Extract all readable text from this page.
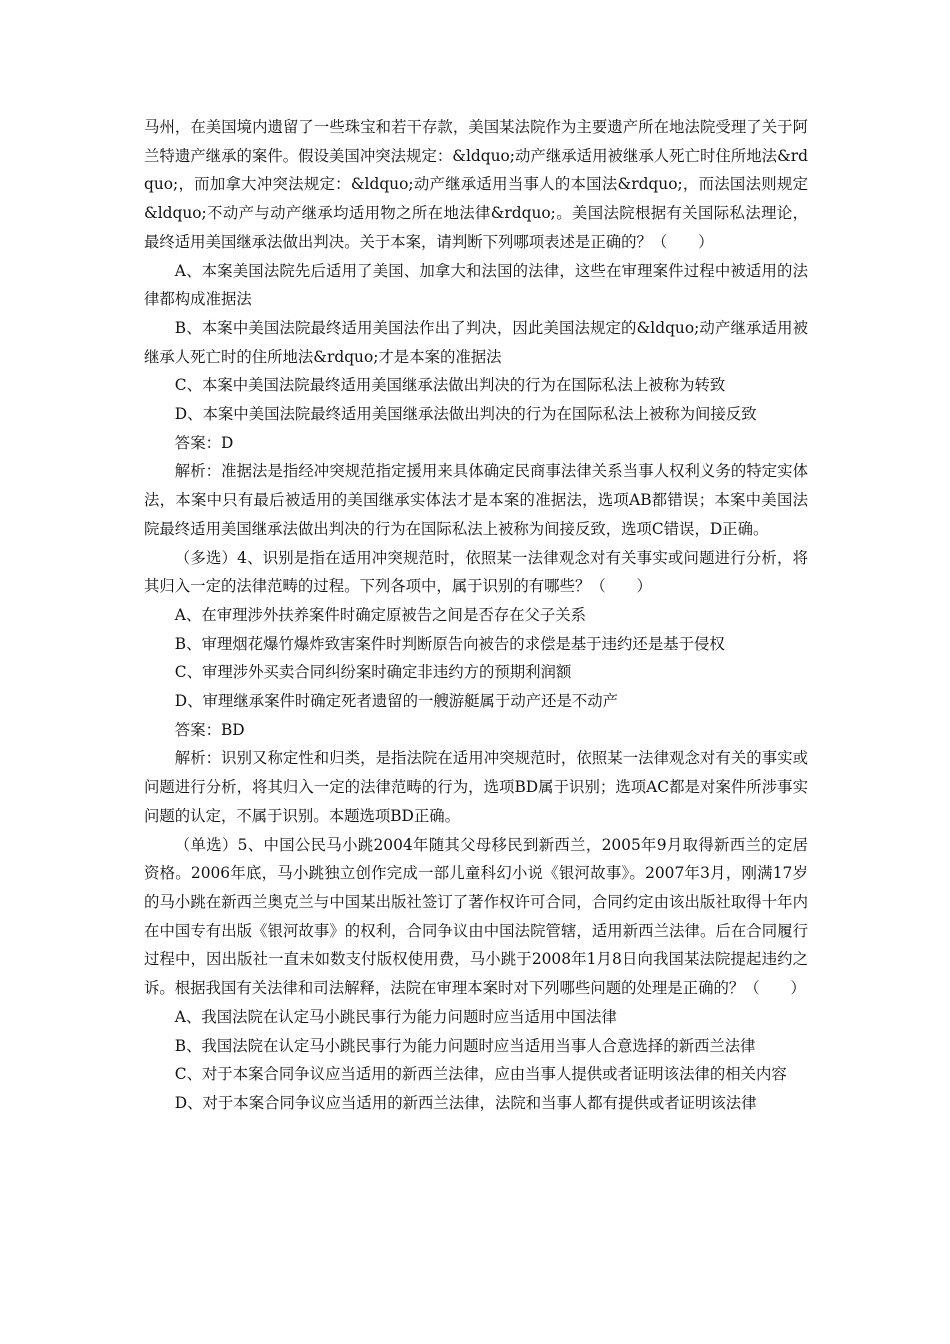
马州，在美国境内遗留了一些珠宝和若干存款，美国某法院作为主要遗产所在地法院受理了关于阿兰特遗产继承的案件。假设美国冲突法规定：&ldquo;动产继承适用被继承人死亡时住所地法&rdquo;，而加拿大冲突法规定：&ldquo;动产继承适用当事人的本国法&rdquo;，而法国法则规定&ldquo;不动产与动产继承均适用物之所在地法律&rdquo;。美国法院根据有关国际私法理论，最终适用美国继承法做出判决。关于本案，请判断下列哪项表述是正确的？（　　）

A、本案美国法院先后适用了美国、加拿大和法国的法律，这些在审理案件过程中被适用的法律都构成准据法

B、本案中美国法院最终适用美国法作出了判决，因此美国法规定的&ldquo;动产继承适用被继承人死亡时的住所地法&rdquo;才是本案的准据法

C、本案中美国法院最终适用美国继承法做出判决的行为在国际私法上被称为转致

D、本案中美国法院最终适用美国继承法做出判决的行为在国际私法上被称为间接反致

答案：D

解析：准据法是指经冲突规范指定援用来具体确定民商事法律关系当事人权利义务的特定实体法，本案中只有最后被适用的美国继承实体法才是本案的准据法，选项AB都错误；本案中美国法院最终适用美国继承法做出判决的行为在国际私法上被称为间接反致，选项C错误，D正确。

（多选）4、识别是指在适用冲突规范时，依照某一法律观念对有关事实或问题进行分析，将其归入一定的法律范畴的过程。下列各项中，属于识别的有哪些？（　　）

A、在审理涉外扶养案件时确定原被告之间是否存在父子关系

B、审理烟花爆竹爆炸致害案件时判断原告向被告的求偿是基于违约还是基于侵权

C、审理涉外买卖合同纠纷案时确定非违约方的预期利润额

D、审理继承案件时确定死者遗留的一艘游艇属于动产还是不动产

答案：BD

解析：识别又称定性和归类，是指法院在适用冲突规范时，依照某一法律观念对有关的事实或问题进行分析，将其归入一定的法律范畴的行为，选项BD属于识别；选项AC都是对案件所涉事实问题的认定，不属于识别。本题选项BD正确。

（单选）5、中国公民马小跳2004年随其父母移民到新西兰，2005年9月取得新西兰的定居资格。2006年底，马小跳独立创作完成一部儿童科幻小说《银河故事》。2007年3月，刚满17岁的马小跳在新西兰奥克兰与中国某出版社签订了著作权许可合同，合同约定由该出版社取得十年内在中国专有出版《银河故事》的权利，合同争议由中国法院管辖，适用新西兰法律。后在合同履行过程中，因出版社一直未如数支付版权使用费，马小跳于2008年1月8日向我国某法院提起违约之诉。根据我国有关法律和司法解释，法院在审理本案时对下列哪些问题的处理是正确的？（　　）

A、我国法院在认定马小跳民事行为能力问题时应当适用中国法律

B、我国法院在认定马小跳民事行为能力问题时应当适用当事人合意选择的新西兰法律

C、对于本案合同争议应当适用的新西兰法律，应由当事人提供或者证明该法律的相关内容

D、对于本案合同争议应当适用的新西兰法律，法院和当事人都有提供或者证明该法律
